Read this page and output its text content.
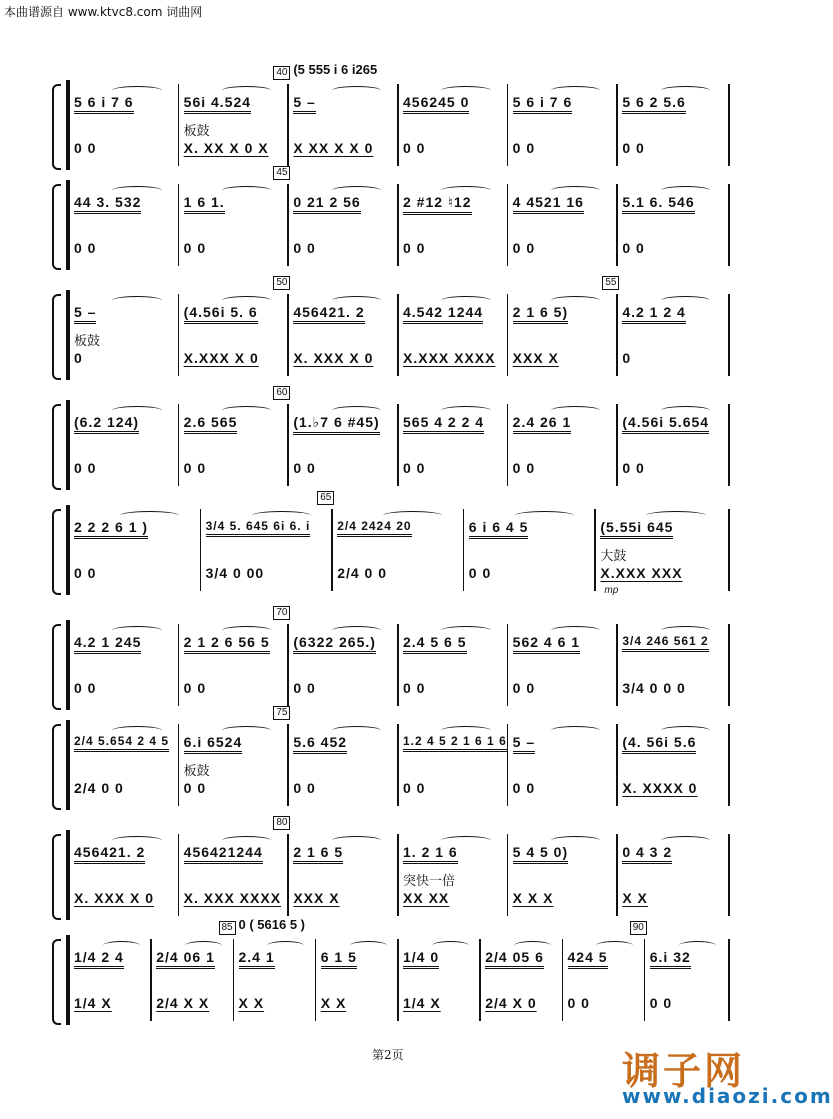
本曲谱源自 www.ktvc8.com 词曲网
5 6 i 7 6
0 0
56i 4.524
X. XX X 0 X
5 –
X XX X X 0
456245 0
0 0
5 6 i 7 6
0 0
5 6 2 5.6
0 0
40
板鼓
(5 555 i 6 i265
44 3. 532
0 0
1 6 1.
0 0
0 21 2 56
0 0
2 #12 ♮12
0 0
4 4521 16
0 0
5.1 6. 546
0 0
45
5 –
0
(4.56i 5. 6
X.XXX X 0
456421. 2
X. XXX X 0
4.542 1244
X.XXX XXXX
2 1 6 5)
XXX X
4.2 1 2 4
0
50	55
板鼓
(6.2 124)
0 0
2.6 565
0 0
(1.♭7 6 #45)
0 0
565 4 2 2 4
0 0
2.4 26 1
0 0
(4.56i 5.654
0 0
60
2 2 2 6 1 )
0 0
3/4 5. 645 6i 6. i
3/4 0 00
2/4 2424 20
2/4 0 0
6 i 6 4 5
0 0
(5.55i 645
X.XXX XXX
65
大鼓
mp
4.2 1 245
0 0
2 1 2 6 56 5
0 0
(6322 265.)
0 0
2.4 5 6 5
0 0
562 4 6 1
0 0
3/4 246 561 2
3/4 0 0 0
70
2/4 5.654 2 4 5
2/4 0 0
6.i 6524
0 0
5.6 452
0 0
1.2 4 5 2 1 6 1 6
0 0
5 –
0 0
(4. 56i 5.6
X. XXXX 0
75
板鼓
456421. 2
X. XXX X 0
456421244
X. XXX XXXX
2 1 6 5
XXX X
1. 2 1 6
XX XX
5 4 5 0)
X X X
0 4 3 2
X X
80
突快一倍
1/4 2 4
1/4 X
2/4 06 1
2/4 X X
2.4 1
X X
6 1 5
X X
1/4 0
1/4 X
2/4 05 6
2/4 X 0
424 5
0 0
6.i 32
0 0
85	90
0 ( 5616 5 )
第2页	调子网
www.diaozi.com
